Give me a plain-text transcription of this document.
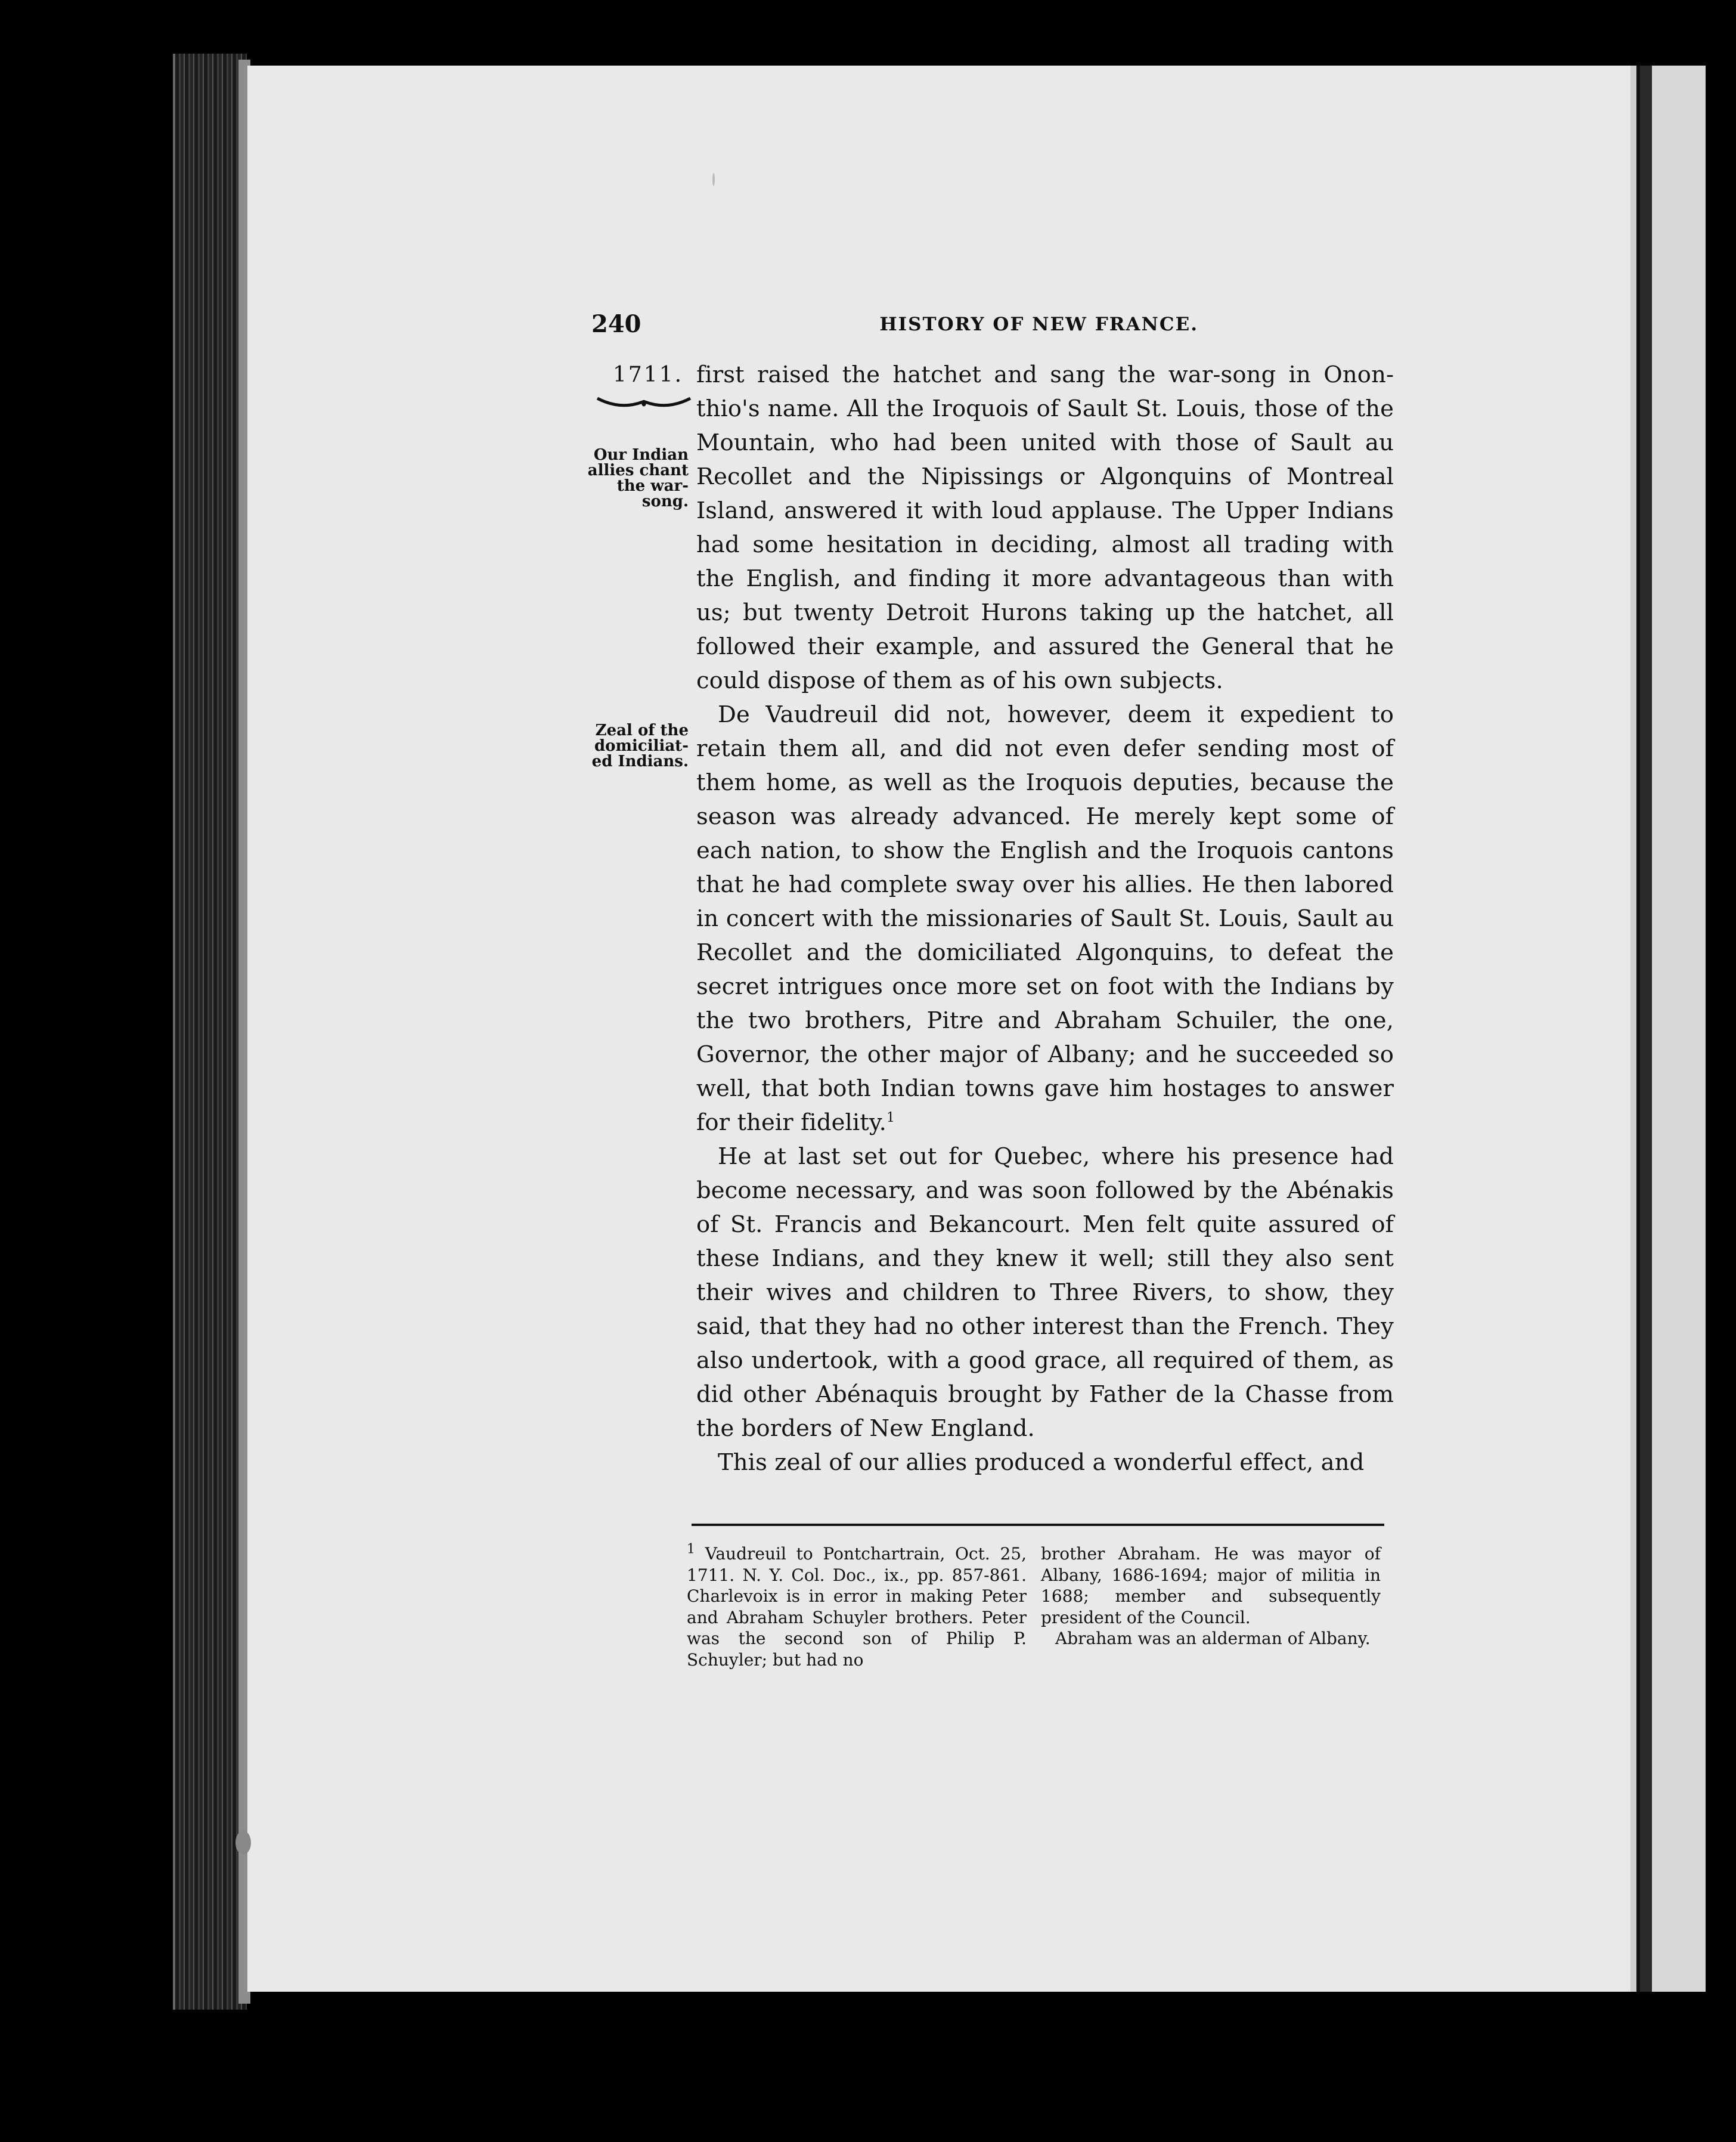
240	HISTORY OF NEW FRANCE.
1711.
Our Indian
allies chant
the war-
song.
Zeal of the
domiciliat-
ed Indians.

first raised the hatchet and sang the war-song in Ononthio's name. All the Iroquois of Sault St. Louis, those of the Mountain, who had been united with those of Sault au Recollet and the Nipissings or Algonquins of Montreal Island, answered it with loud applause. The Upper Indians had some hesitation in deciding, almost all trading with the English, and finding it more advantageous than with us; but twenty Detroit Hurons taking up the hatchet, all followed their example, and assured the General that he could dispose of them as of his own subjects.

De Vaudreuil did not, however, deem it expedient to retain them all, and did not even defer sending most of them home, as well as the Iroquois deputies, because the season was already advanced. He merely kept some of each nation, to show the English and the Iroquois cantons that he had complete sway over his allies. He then labored in concert with the missionaries of Sault St. Louis, Sault au Recollet and the domiciliated Algonquins, to defeat the secret intrigues once more set on foot with the Indians by the two brothers, Pitre and Abraham Schuiler, the one, Governor, the other major of Albany; and he succeeded so well, that both Indian towns gave him hostages to answer for their fidelity.$^1$

He at last set out for Quebec, where his presence had become necessary, and was soon followed by the Abénakis of St. Francis and Bekancourt. Men felt quite assured of these Indians, and they knew it well; still they also sent their wives and children to Three Rivers, to show, they said, that they had no other interest than the French. They also undertook, with a good grace, all required of them, as did other Abénaquis brought by Father de la Chasse from the borders of New England.

This zeal of our allies produced a wonderful effect, and

$^1$ Vaudreuil to Pontchartrain, Oct. 25, 1711. N. Y. Col. Doc., ix., pp. 857-861. Charlevoix is in error in making Peter and Abraham Schuyler brothers. Peter was the second son of Philip P. Schuyler; but had no

brother Abraham. He was mayor of Albany, 1686-1694; major of militia in 1688; member and subsequently president of the Council.

Abraham was an alderman of Albany.
